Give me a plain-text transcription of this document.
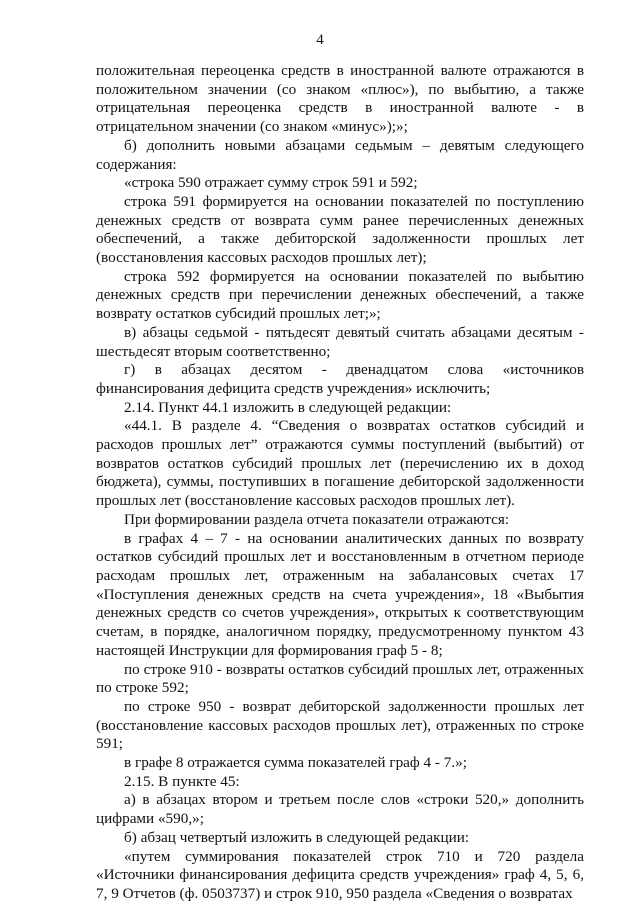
4

положительная переоценка средств в иностранной валюте отражаются в положительном значении (со знаком «плюс»), по выбытию, а также отрицательная переоценка средств в иностранной валюте - в отрицательном значении (со знаком «минус»);»;

б) дополнить новыми абзацами седьмым – девятым следующего содержания:

«строка 590 отражает сумму строк 591 и 592;

строка 591 формируется на основании показателей по поступлению денежных средств от возврата сумм ранее перечисленных денежных обеспечений, а также дебиторской задолженности прошлых лет (восстановления кассовых расходов прошлых лет);

строка 592 формируется на основании показателей по выбытию денежных средств при перечислении денежных обеспечений, а также возврату остатков субсидий прошлых лет;»;

в) абзацы седьмой - пятьдесят девятый считать абзацами десятым - шестьдесят вторым соответственно;

г) в абзацах десятом - двенадцатом слова «источников финансирования дефицита средств учреждения» исключить;

2.14. Пункт 44.1 изложить в следующей редакции:

«44.1. В разделе 4. “Сведения о возвратах остатков субсидий и расходов прошлых лет” отражаются суммы поступлений (выбытий) от возвратов остатков субсидий прошлых лет (перечислению их в доход бюджета), суммы, поступивших в погашение дебиторской задолженности прошлых лет (восстановление кассовых расходов прошлых лет).

При формировании раздела отчета показатели отражаются:

в графах 4 – 7 - на основании аналитических данных по возврату остатков субсидий прошлых лет и восстановленным в отчетном периоде расходам прошлых лет, отраженным на забалансовых счетах 17 «Поступления денежных средств на счета учреждения», 18 «Выбытия денежных средств со счетов учреждения», открытых к соответствующим счетам, в порядке, аналогичном порядку, предусмотренному пунктом 43 настоящей Инструкции для формирования граф 5 - 8;

по строке 910 - возвраты остатков субсидий прошлых лет, отраженных по строке 592;

по строке 950 - возврат дебиторской задолженности прошлых лет (восстановление кассовых расходов прошлых лет), отраженных по строке 591;

в графе 8 отражается сумма показателей граф 4 - 7.»;

2.15. В пункте 45:

а) в абзацах втором и третьем после слов «строки 520,» дополнить цифрами «590,»;

б) абзац четвертый изложить в следующей редакции:

«путем суммирования показателей строк 710 и 720 раздела «Источники финансирования дефицита средств учреждения» граф 4, 5, 6, 7, 9 Отчетов (ф. 0503737) и строк 910, 950 раздела «Сведения о возвратах
